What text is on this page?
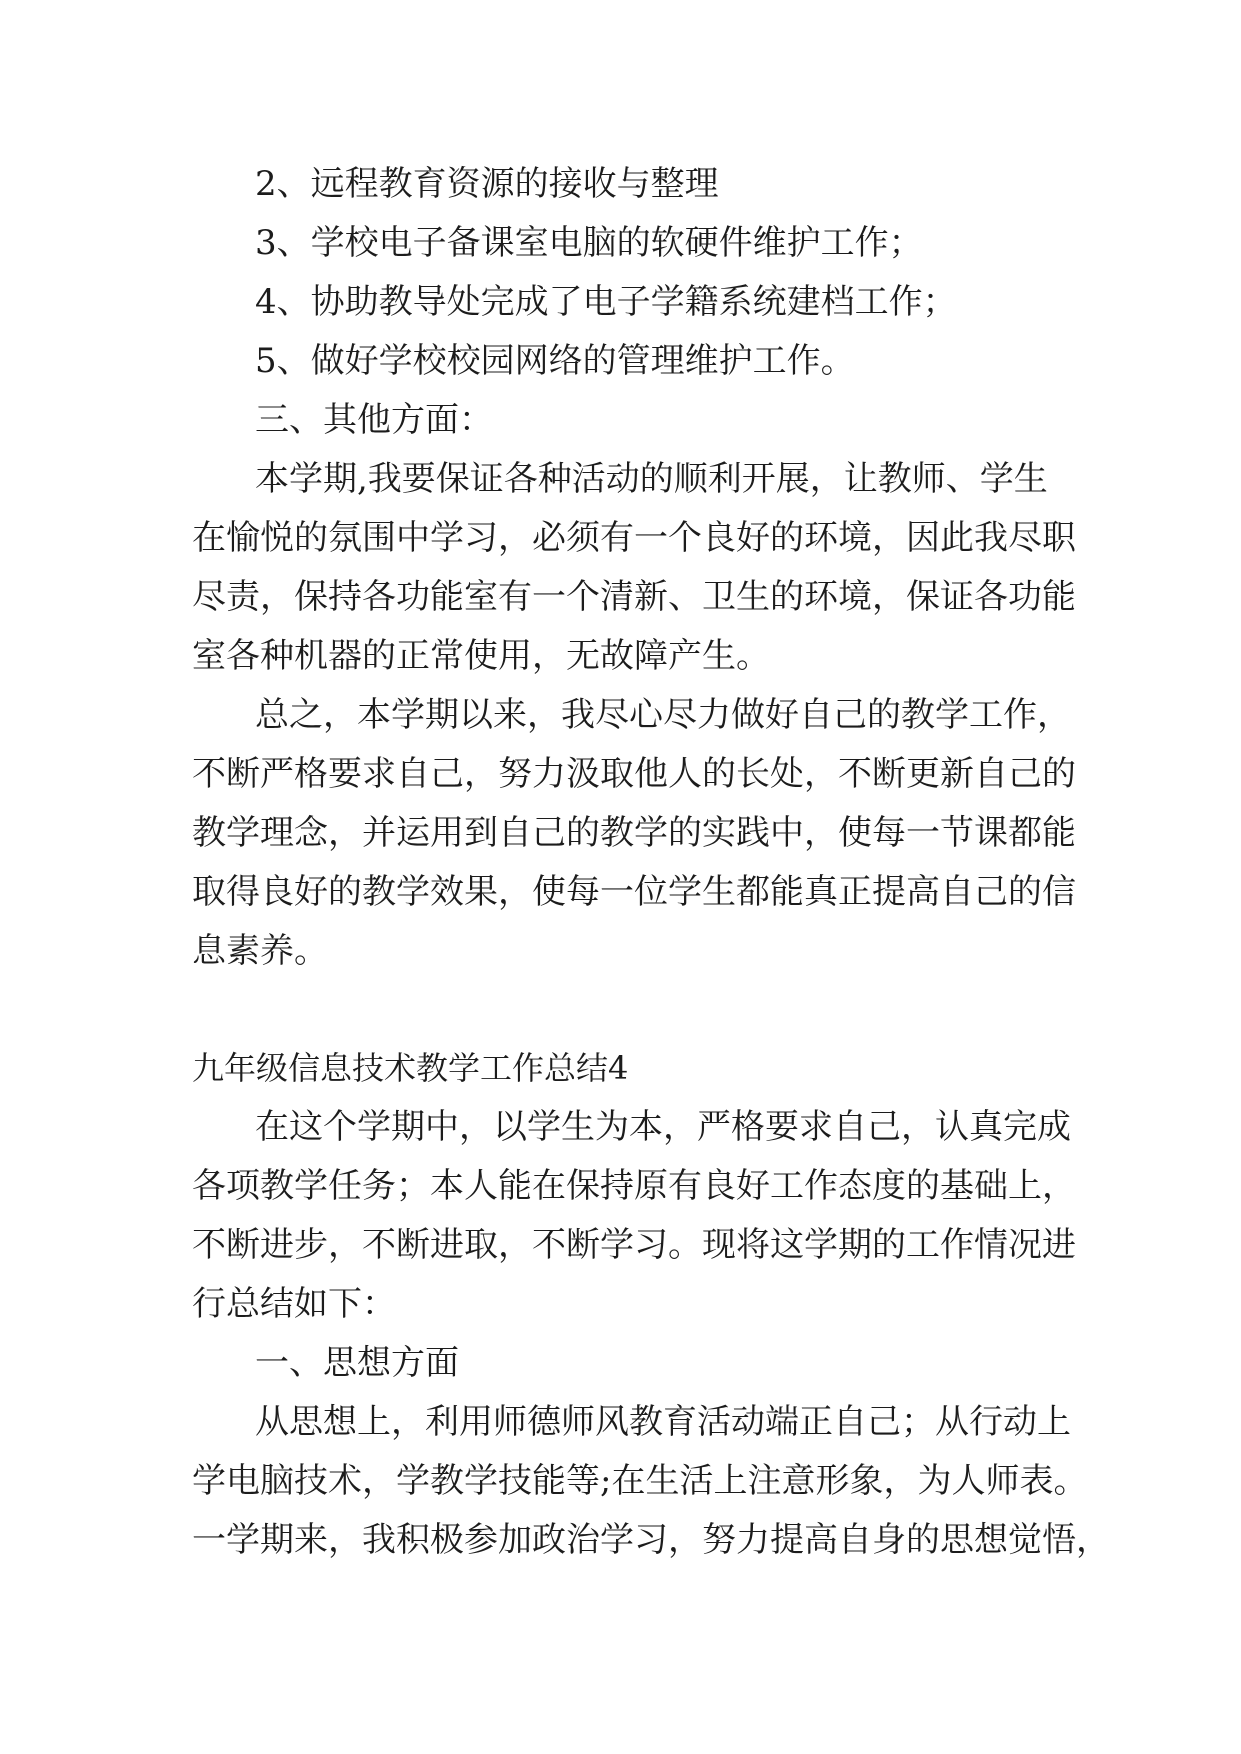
2、远程教育资源的接收与整理

3、学校电子备课室电脑的软硬件维护工作；

4、协助教导处完成了电子学籍系统建档工作；

5、做好学校校园网络的管理维护工作。

三、其他方面：

本学期,我要保证各种活动的顺利开展，让教师、学生

在愉悦的氛围中学习，必须有一个良好的环境，因此我尽职

尽责，保持各功能室有一个清新、卫生的环境，保证各功能

室各种机器的正常使用，无故障产生。

总之，本学期以来，我尽心尽力做好自己的教学工作，

不断严格要求自己，努力汲取他人的长处，不断更新自己的

教学理念，并运用到自己的教学的实践中，使每一节课都能

取得良好的教学效果，使每一位学生都能真正提高自己的信

息素养。

九年级信息技术教学工作总结4

在这个学期中，以学生为本，严格要求自己，认真完成

各项教学任务；本人能在保持原有良好工作态度的基础上，

不断进步，不断进取，不断学习。现将这学期的工作情况进

行总结如下：

一、思想方面

从思想上，利用师德师风教育活动端正自己；从行动上

学电脑技术，学教学技能等;在生活上注意形象，为人师表。

一学期来，我积极参加政治学习，努力提高自身的思想觉悟，
